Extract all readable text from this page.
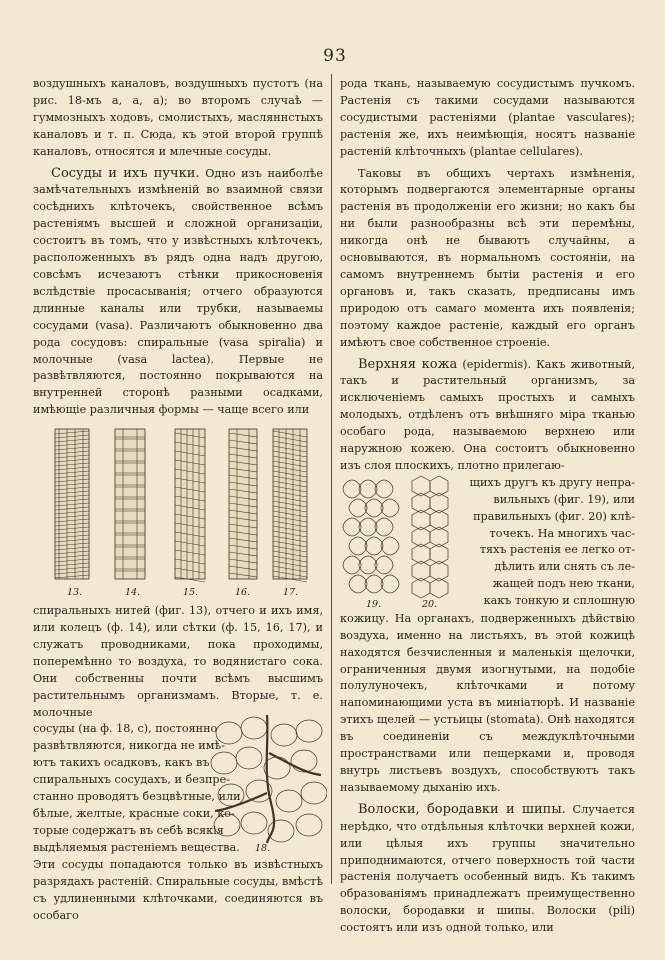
93

воздушныхъ каналовъ, воздушныхъ пустотъ (на рис. 18-мъ а, а, а); во второмъ случаѣ — гуммозныхъ ходовъ, смолистыхъ, масляннстыхъ каналовъ и т. п. Сюда, къ этой второй группѣ каналовъ, относятся и млечные сосуды.

Сосуды и ихъ пучки. Одно изъ наиболѣе замѣчательныхъ измѣненій во взаимной связи сосѣднихъ клѣточекъ, свойственное всѣмъ растеніямъ высшей и сложной организаціи, состоитъ въ томъ, что у извѣстныхъ клѣточекъ, расположенныхъ въ рядъ одна надъ другою, совсѣмъ исчезаютъ стѣнки прикосновенія вслѣдствіе просасыванія; отчего образуются длинные каналы или трубки, называемы сосудами (vasa). Различаютъ обыкновенно два рода сосудовъ: спиральные (vasa spiralia) и молочные (vasa lactea). Первые не развѣтвляются, постоянно покрываются на внутренней сторонѣ разными осадками, имѣющіе различныя формы — чаще всего или

13.	14.	15.	16.	17.

спиральныхъ нитей (фиг. 13), отчего и ихъ имя, или колецъ (ф. 14), или сѣтки (ф. 15, 16, 17), и служатъ проводниками, пока проходимы, поперемѣнно то воздуха, то водянистаго сока. Они собственны почти всѣмъ высшимъ растительнымъ организмамъ. Вторые, т. е. молочные

сосуды (на ф. 18, с), постоянно
развѣтвляются, никогда не имѣ-
ютъ такихъ осадковъ, какъ въ
спиральныхъ сосудахъ, и безпре-
станно проводятъ безцвѣтные, или
бѣлые, желтые, красные соки, ко-
торые содержатъ въ себѣ всякія
выдѣляемыя растеніемъ вещества. 18.

Эти сосуды попадаются только въ извѣстныхъ разрядахъ растеній. Спиральные сосуды, вмѣстѣ съ удлиненными клѣточками, соединяются въ особаго

рода ткань, называемую сосудистымъ пучкомъ. Растенія съ такими сосудами называются сосудистыми растеніями (plantae vasculares); растенія же, ихъ неимѣющія, носятъ названіе растеній клѣточныхъ (plantae cellulares).

Таковы въ общихъ чертахъ измѣненія, которымъ подвергаются элементарные органы растенія въ продолженіи его жизни; но какъ бы ни были разнообразны всѣ эти перемѣны, никогда онѣ не бываютъ случайны, а основываются, въ нормальномъ состояніи, на самомъ внутреннемъ бытіи растенія и его органовъ и, такъ сказать, предписаны имъ природою отъ самаго момента ихъ появленія; поэтому каждое растеніе, каждый его органъ имѣютъ свое собственное строеніе.

Верхняя кожа (epidermis). Какъ животный, такъ и растительный организмъ, за исключеніемъ самыхъ простыхъ и самыхъ молодыхъ, отдѣленъ отъ внѣшняго міра тканью особаго рода, называемою верхнею или наружною кожею. Она состоитъ обыкновенно изъ слоя плоскихъ, плотно прилегаю-

19.	20.
щихъ другъ къ другу непра-
вильныхъ (фиг. 19), или
правильныхъ (фиг. 20) клѣ-
точекъ. На многихъ час-
тяхъ растенія ее легко от-
дѣлить или снять съ ле-
жащей подъ нею ткани,
какъ тонкую и сплошную

кожицу. На органахъ, подверженныхъ дѣйствію воздуха, именно на листьяхъ, въ этой кожицѣ находятся безчисленныя и маленькія щелочки, ограниченныя двумя изогнутыми, на подобіе полулуночекъ, клѣточками и потому напоминающими уста въ миніатюрѣ. И названіе этихъ щелей — устьицы (stomata). Онѣ находятся въ соединеніи съ междуклѣточными пространствами или пещерками и, проводя внутрь листьевъ воздухъ, способствуютъ такъ называемому дыханію ихъ.

Волоски, бородавки и шипы. Случается нерѣдко, что отдѣльныя клѣточки верхней кожи, или цѣлыя ихъ группы значительно приподнимаются, отчего поверхность той части растенія получаетъ особенный видъ. Къ такимъ образованіямъ принадлежатъ преимущественно волоски, бородавки и шипы. Волоски (pili) состоятъ или изъ одной только, или
